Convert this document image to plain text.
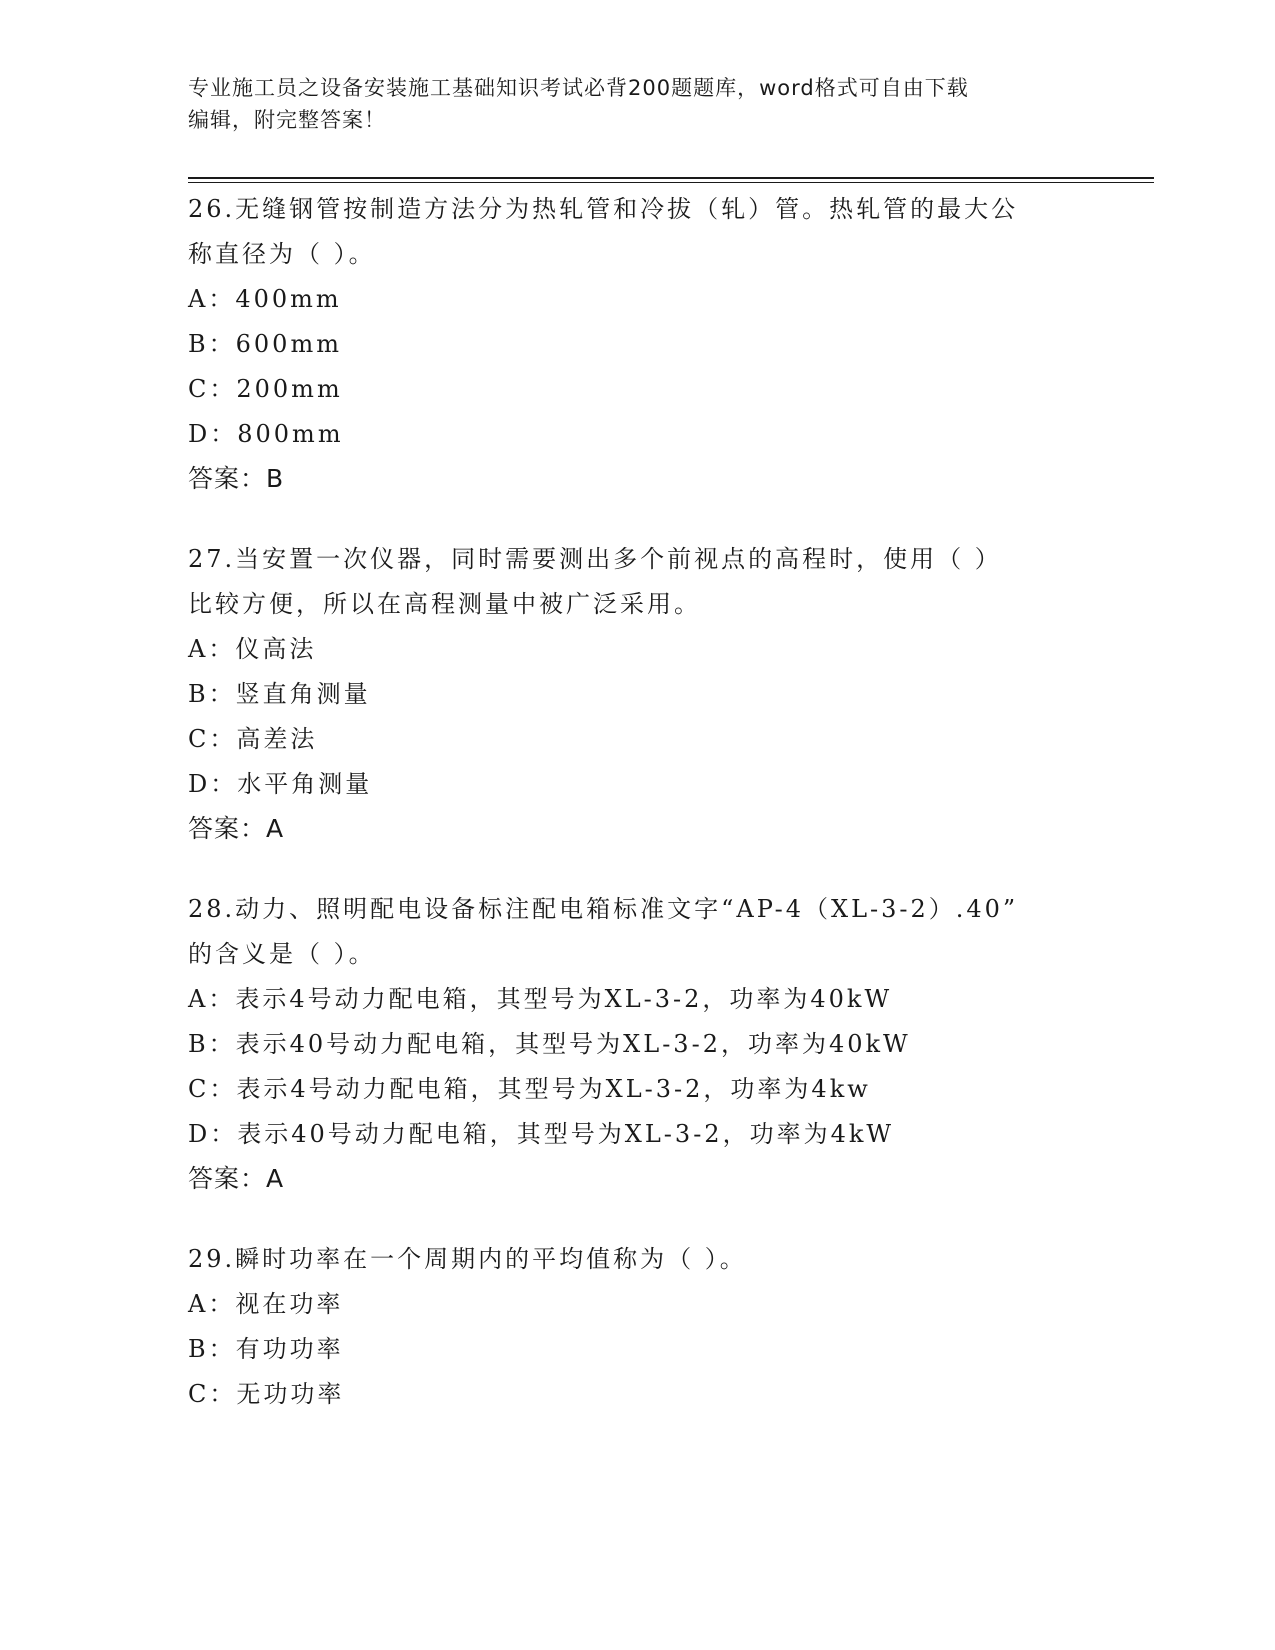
专业施工员之设备安装施工基础知识考试必背200题题库，word格式可自由下载
编辑，附完整答案！
26.无缝钢管按制造方法分为热轧管和冷拔（轧）管。热轧管的最大公
称直径为（ ）。
A：400mm
B：600mm
C：200mm
D：800mm
答案：B
27.当安置一次仪器，同时需要测出多个前视点的高程时，使用（ ）
比较方便，所以在高程测量中被广泛采用。
A：仪高法
B：竖直角测量
C：高差法
D：水平角测量
答案：A
28.动力、照明配电设备标注配电箱标准文字“AP-4（XL-3-2）.40”
的含义是（ ）。
A：表示4号动力配电箱，其型号为XL-3-2，功率为40kW
B：表示40号动力配电箱，其型号为XL-3-2，功率为40kW
C：表示4号动力配电箱，其型号为XL-3-2，功率为4kw
D：表示40号动力配电箱，其型号为XL-3-2，功率为4kW
答案：A
29.瞬时功率在一个周期内的平均值称为（ ）。
A：视在功率
B：有功功率
C：无功功率
